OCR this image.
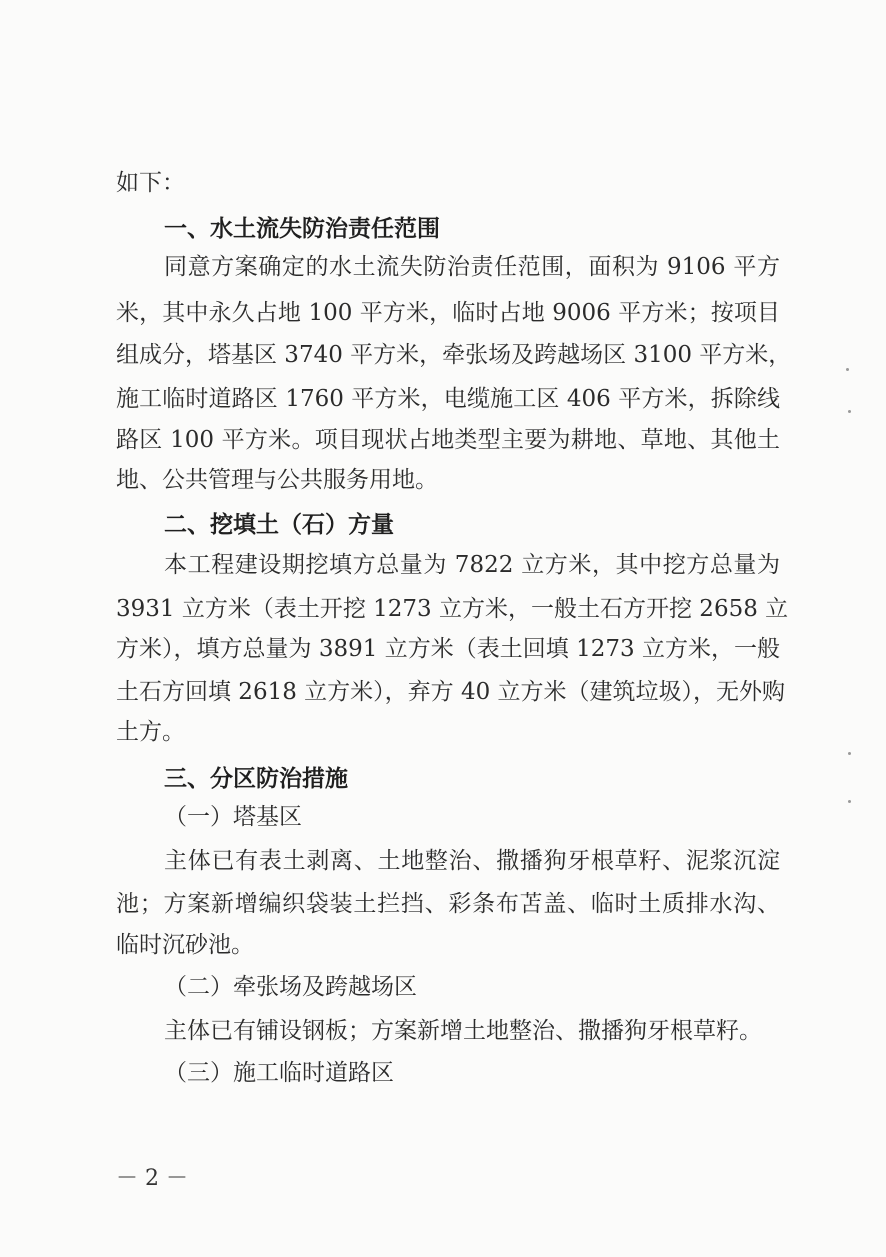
如下：
一、水土流失防治责任范围
同意方案确定的水土流失防治责任范围，面积为 9106 平方
米，其中永久占地 100 平方米，临时占地 9006 平方米；按项目
组成分，塔基区 3740 平方米，牵张场及跨越场区 3100 平方米，
施工临时道路区 1760 平方米，电缆施工区 406 平方米，拆除线
路区 100 平方米。项目现状占地类型主要为耕地、草地、其他土
地、公共管理与公共服务用地。
二、挖填土（石）方量
本工程建设期挖填方总量为 7822 立方米，其中挖方总量为
3931 立方米（表土开挖 1273 立方米，一般土石方开挖 2658 立
方米），填方总量为 3891 立方米（表土回填 1273 立方米，一般
土石方回填 2618 立方米），弃方 40 立方米（建筑垃圾），无外购
土方。
三、分区防治措施
（一）塔基区
主体已有表土剥离、土地整治、撒播狗牙根草籽、泥浆沉淀
池；方案新增编织袋装土拦挡、彩条布苫盖、临时土质排水沟、
临时沉砂池。
（二）牵张场及跨越场区
主体已有铺设钢板；方案新增土地整治、撒播狗牙根草籽。
（三）施工临时道路区
－ 2 －
